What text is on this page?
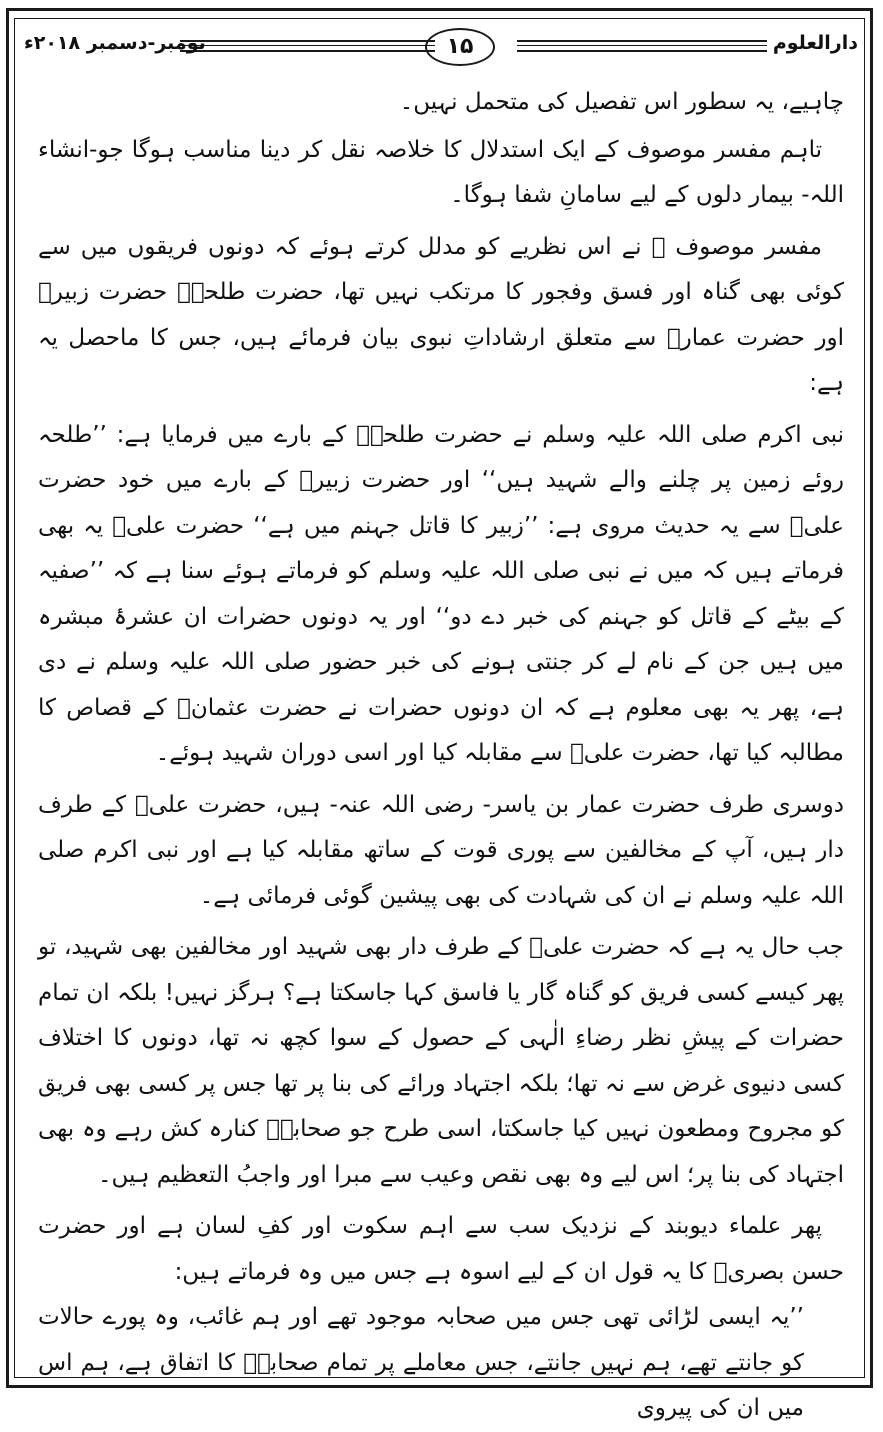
دارالعلوم
۱۵
نومبر-دسمبر ۲۰۱۸ء

چاہیے، یہ سطور اس تفصیل کی متحمل نہیں۔

تاہم مفسر موصوف کے ایک استدلال کا خلاصہ نقل کر دینا مناسب ہوگا جو-انشاء اللہ- بیمار دلوں کے لیے سامانِ شفا ہوگا۔

مفسر موصوف ؒ نے اس نظریے کو مدلل کرتے ہوئے کہ دونوں فریقوں میں سے کوئی بھی گناہ اور فسق وفجور کا مرتکب نہیں تھا، حضرت طلحہؓ حضرت زبیرؓ اور حضرت عمارؓ سے متعلق ارشاداتِ نبوی بیان فرمائے ہیں، جس کا ماحصل یہ ہے:

نبی اکرم صلی اللہ علیہ وسلم نے حضرت طلحہؓ کے بارے میں فرمایا ہے: ’’طلحہ روئے زمین پر چلنے والے شہید ہیں‘‘ اور حضرت زبیرؓ کے بارے میں خود حضرت علیؓ سے یہ حدیث مروی ہے: ’’زبیر کا قاتل جہنم میں ہے‘‘ حضرت علیؓ یہ بھی فرماتے ہیں کہ میں نے نبی صلی اللہ علیہ وسلم کو فرماتے ہوئے سنا ہے کہ ’’صفیہ کے بیٹے کے قاتل کو جہنم کی خبر دے دو‘‘ اور یہ دونوں حضرات ان عشرۂ مبشرہ میں ہیں جن کے نام لے کر جنتی ہونے کی خبر حضور صلی اللہ علیہ وسلم نے دی ہے، پھر یہ بھی معلوم ہے کہ ان دونوں حضرات نے حضرت عثمانؓ کے قصاص کا مطالبہ کیا تھا، حضرت علیؓ سے مقابلہ کیا اور اسی دوران شہید ہوئے۔

دوسری طرف حضرت عمار بن یاسر- رضی اللہ عنہ- ہیں، حضرت علیؓ کے طرف دار ہیں، آپ کے مخالفین سے پوری قوت کے ساتھ مقابلہ کیا ہے اور نبی اکرم صلی اللہ علیہ وسلم نے ان کی شہادت کی بھی پیشین گوئی فرمائی ہے۔

جب حال یہ ہے کہ حضرت علیؓ کے طرف دار بھی شہید اور مخالفین بھی شہید، تو پھر کیسے کسی فریق کو گناہ گار یا فاسق کہا جاسکتا ہے؟ ہرگز نہیں! بلکہ ان تمام حضرات کے پیشِ نظر رضاءِ الٰہی کے حصول کے سوا کچھ نہ تھا، دونوں کا اختلاف کسی دنیوی غرض سے نہ تھا؛ بلکہ اجتہاد ورائے کی بنا پر تھا جس پر کسی بھی فریق کو مجروح ومطعون نہیں کیا جاسکتا، اسی طرح جو صحابہؓ کنارہ کش رہے وہ بھی اجتہاد کی بنا پر؛ اس لیے وہ بھی نقص وعیب سے مبرا اور واجبُ التعظیم ہیں۔

پھر علماء دیوبند کے نزدیک سب سے اہم سکوت اور کفِ لسان ہے اور حضرت حسن بصریؒ کا یہ قول ان کے لیے اسوہ ہے جس میں وہ فرماتے ہیں:

’’یہ ایسی لڑائی تھی جس میں صحابہ موجود تھے اور ہم غائب، وہ پورے حالات کو جانتے تھے، ہم نہیں جانتے، جس معاملے پر تمام صحابہؓ کا اتفاق ہے، ہم اس میں ان کی پیروی
